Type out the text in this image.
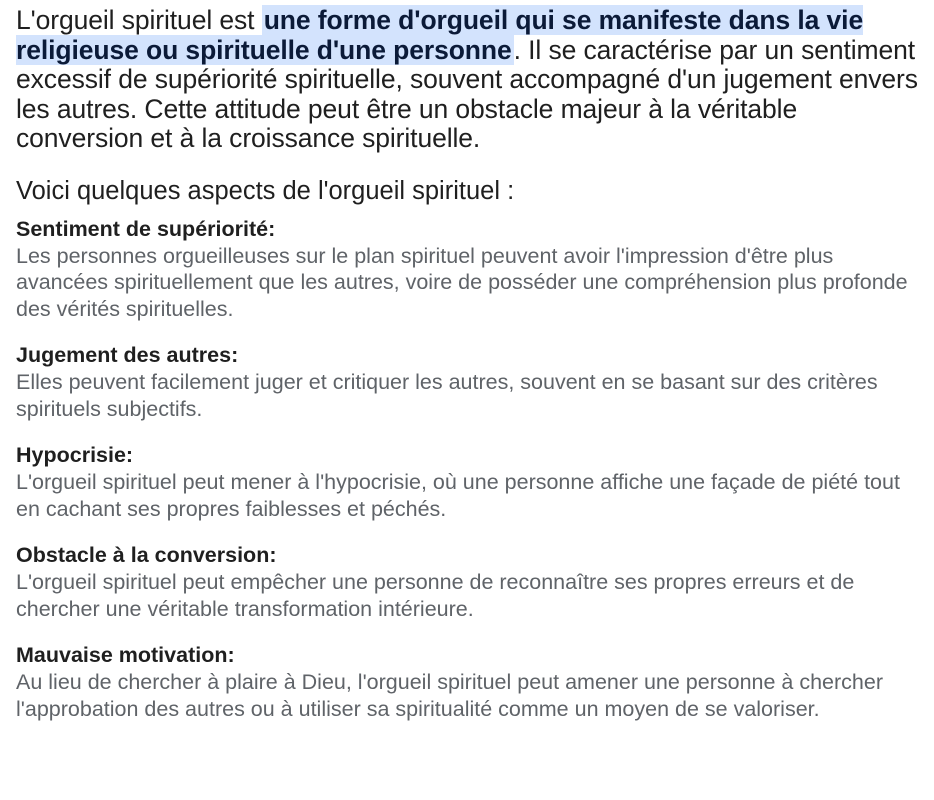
L'orgueil spirituel est une forme d'orgueil qui se manifeste dans la vie religieuse ou spirituelle d'une personne. Il se caractérise par un sentiment excessif de supériorité spirituelle, souvent accompagné d'un jugement envers les autres. Cette attitude peut être un obstacle majeur à la véritable conversion et à la croissance spirituelle.

Voici quelques aspects de l'orgueil spirituel :
Sentiment de supériorité:

Les personnes orgueilleuses sur le plan spirituel peuvent avoir l'impression d'être plus avancées spirituellement que les autres, voire de posséder une compréhension plus profonde des vérités spirituelles.

Jugement des autres:

Elles peuvent facilement juger et critiquer les autres, souvent en se basant sur des critères spirituels subjectifs.

Hypocrisie:

L'orgueil spirituel peut mener à l'hypocrisie, où une personne affiche une façade de piété tout en cachant ses propres faiblesses et péchés.

Obstacle à la conversion:

L'orgueil spirituel peut empêcher une personne de reconnaître ses propres erreurs et de chercher une véritable transformation intérieure.

Mauvaise motivation:

Au lieu de chercher à plaire à Dieu, l'orgueil spirituel peut amener une personne à chercher l'approbation des autres ou à utiliser sa spiritualité comme un moyen de se valoriser.
